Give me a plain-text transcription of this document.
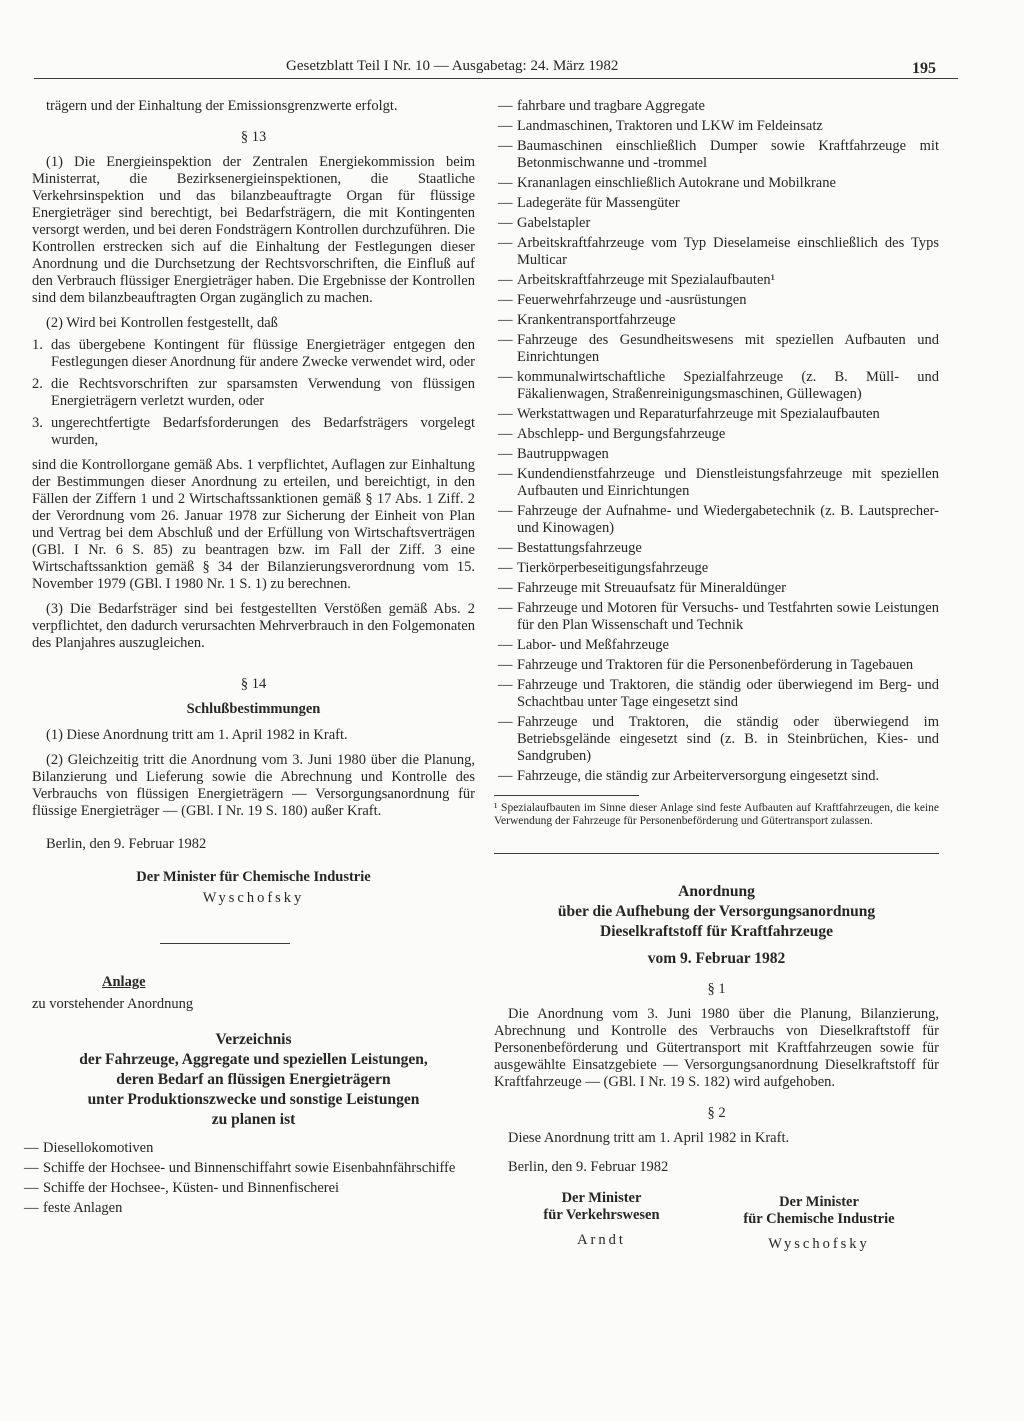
Gesetzblatt Teil I Nr. 10 — Ausgabetag: 24. März 1982	195

trägern und der Einhaltung der Emissionsgrenzwerte erfolgt.

§ 13

(1) Die Energieinspektion der Zentralen Energiekommission beim Ministerrat, die Bezirksenergieinspektionen, die Staatliche Verkehrsinspektion und das bilanzbeauftragte Organ für flüssige Energieträger sind berechtigt, bei Bedarfsträgern, die mit Kontingenten versorgt werden, und bei deren Fondsträgern Kontrollen durchzuführen. Die Kontrollen erstrecken sich auf die Einhaltung der Festlegungen dieser Anordnung und die Durchsetzung der Rechtsvorschriften, die Einfluß auf den Verbrauch flüssiger Energieträger haben. Die Ergebnisse der Kontrollen sind dem bilanzbeauftragten Organ zugänglich zu machen.

(2) Wird bei Kontrollen festgestellt, daß

1. das übergebene Kontingent für flüssige Energieträger entgegen den Festlegungen dieser Anordnung für andere Zwecke verwendet wird, oder
2. die Rechtsvorschriften zur sparsamsten Verwendung von flüssigen Energieträgern verletzt wurden, oder
3. ungerechtfertigte Bedarfsforderungen des Bedarfsträgers vorgelegt wurden,

sind die Kontrollorgane gemäß Abs. 1 verpflichtet, Auflagen zur Einhaltung der Bestimmungen dieser Anordnung zu erteilen, und bereichtigt, in den Fällen der Ziffern 1 und 2 Wirtschaftssanktionen gemäß § 17 Abs. 1 Ziff. 2 der Verordnung vom 26. Januar 1978 zur Sicherung der Einheit von Plan und Vertrag bei dem Abschluß und der Erfüllung von Wirtschaftsverträgen (GBl. I Nr. 6 S. 85) zu beantragen bzw. im Fall der Ziff. 3 eine Wirtschaftssanktion gemäß § 34 der Bilanzierungsverordnung vom 15. November 1979 (GBl. I 1980 Nr. 1 S. 1) zu berechnen.

(3) Die Bedarfsträger sind bei festgestellten Verstößen gemäß Abs. 2 verpflichtet, den dadurch verursachten Mehrverbrauch in den Folgemonaten des Planjahres auszugleichen.

§ 14
Schlußbestimmungen

(1) Diese Anordnung tritt am 1. April 1982 in Kraft.

(2) Gleichzeitig tritt die Anordnung vom 3. Juni 1980 über die Planung, Bilanzierung und Lieferung sowie die Abrechnung und Kontrolle des Verbrauchs von flüssigen Energieträgern — Versorgungsanordnung für flüssige Energieträger — (GBl. I Nr. 19 S. 180) außer Kraft.

Berlin, den 9. Februar 1982

Der Minister für Chemische Industrie
Wyschofsky
Anlage
zu vorstehender Anordnung
Verzeichnis
der Fahrzeuge, Aggregate und speziellen Leistungen,
deren Bedarf an flüssigen Energieträgern
unter Produktionszwecke und sonstige Leistungen
zu planen ist
— Diesellokomotiven
— Schiffe der Hochsee- und Binnenschiffahrt sowie Eisenbahnfährschiffe
— Schiffe der Hochsee-, Küsten- und Binnenfischerei
— feste Anlagen
— fahrbare und tragbare Aggregate
— Landmaschinen, Traktoren und LKW im Feldeinsatz
— Baumaschinen einschließlich Dumper sowie Kraftfahrzeuge mit Betonmischwanne und -trommel
— Krananlagen einschließlich Autokrane und Mobilkrane
— Ladegeräte für Massengüter
— Gabelstapler
— Arbeitskraftfahrzeuge vom Typ Dieselameise einschließlich des Typs Multicar
— Arbeitskraftfahrzeuge mit Spezialaufbauten¹
— Feuerwehrfahrzeuge und -ausrüstungen
— Krankentransportfahrzeuge
— Fahrzeuge des Gesundheitswesens mit speziellen Aufbauten und Einrichtungen
— kommunalwirtschaftliche Spezialfahrzeuge (z. B. Müll- und Fäkalienwagen, Straßenreinigungsmaschinen, Güllewagen)
— Werkstattwagen und Reparaturfahrzeuge mit Spezialaufbauten
— Abschlepp- und Bergungsfahrzeuge
— Bautruppwagen
— Kundendienstfahrzeuge und Dienstleistungsfahrzeuge mit speziellen Aufbauten und Einrichtungen
— Fahrzeuge der Aufnahme- und Wiedergabetechnik (z. B. Lautsprecher- und Kinowagen)
— Bestattungsfahrzeuge
— Tierkörperbeseitigungsfahrzeuge
— Fahrzeuge mit Streuaufsatz für Mineraldünger
— Fahrzeuge und Motoren für Versuchs- und Testfahrten sowie Leistungen für den Plan Wissenschaft und Technik
— Labor- und Meßfahrzeuge
— Fahrzeuge und Traktoren für die Personenbeförderung in Tagebauen
— Fahrzeuge und Traktoren, die ständig oder überwiegend im Berg- und Schachtbau unter Tage eingesetzt sind
— Fahrzeuge und Traktoren, die ständig oder überwiegend im Betriebsgelände eingesetzt sind (z. B. in Steinbrüchen, Kies- und Sandgruben)
— Fahrzeuge, die ständig zur Arbeiterversorgung eingesetzt sind.
¹ Spezialaufbauten im Sinne dieser Anlage sind feste Aufbauten auf Kraftfahrzeugen, die keine Verwendung der Fahrzeuge für Personenbeförderung und Gütertransport zulassen.
Anordnung
über die Aufhebung der Versorgungsanordnung
Dieselkraftstoff für Kraftfahrzeuge
vom 9. Februar 1982
§ 1

Die Anordnung vom 3. Juni 1980 über die Planung, Bilanzierung, Abrechnung und Kontrolle des Verbrauchs von Dieselkraftstoff für Personenbeförderung und Gütertransport mit Kraftfahrzeugen sowie für ausgewählte Einsatzgebiete — Versorgungsanordnung Dieselkraftstoff für Kraftfahrzeuge — (GBl. I Nr. 19 S. 182) wird aufgehoben.

§ 2

Diese Anordnung tritt am 1. April 1982 in Kraft.

Berlin, den 9. Februar 1982

Der Minister
für Verkehrswesen
Arndt
Der Minister
für Chemische Industrie
Wyschofsky
